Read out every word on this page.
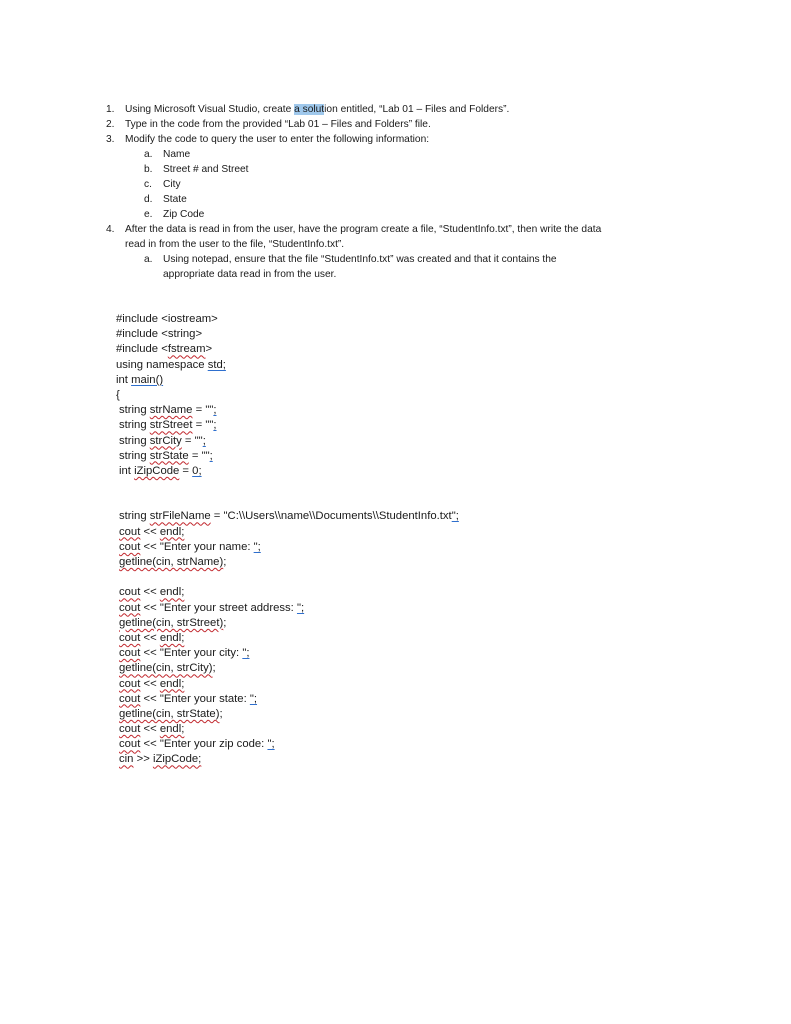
1. Using Microsoft Visual Studio, create a solution entitled, “Lab 01 – Files and Folders”.
2. Type in the code from the provided “Lab 01 – Files and Folders” file.
3. Modify the code to query the user to enter the following information:
a. Name
b. Street # and Street
c. City
d. State
e. Zip Code
4. After the data is read in from the user, have the program create a file, “StudentInfo.txt”, then write the data read in from the user to the file, “StudentInfo.txt”.
a. Using notepad, ensure that the file “StudentInfo.txt” was created and that it contains the appropriate data read in from the user.
#include <iostream>
#include <string>
#include <fstream>
using namespace std;
int main()
{
string strName = "";
string strStreet = "";
string strCity = "";
string strState = "";
int iZipCode = 0;
string strFileName = "C:\\Users\\name\\Documents\\StudentInfo.txt";
cout << endl;
cout << "Enter your name: ";
getline(cin, strName);
cout << endl;
cout << "Enter your street address: ";
getline(cin, strStreet);
cout << endl;
cout << "Enter your city: ";
getline(cin, strCity);
cout << endl;
cout << "Enter your state: ";
getline(cin, strState);
cout << endl;
cout << "Enter your zip code: ";
cin >> iZipCode;
